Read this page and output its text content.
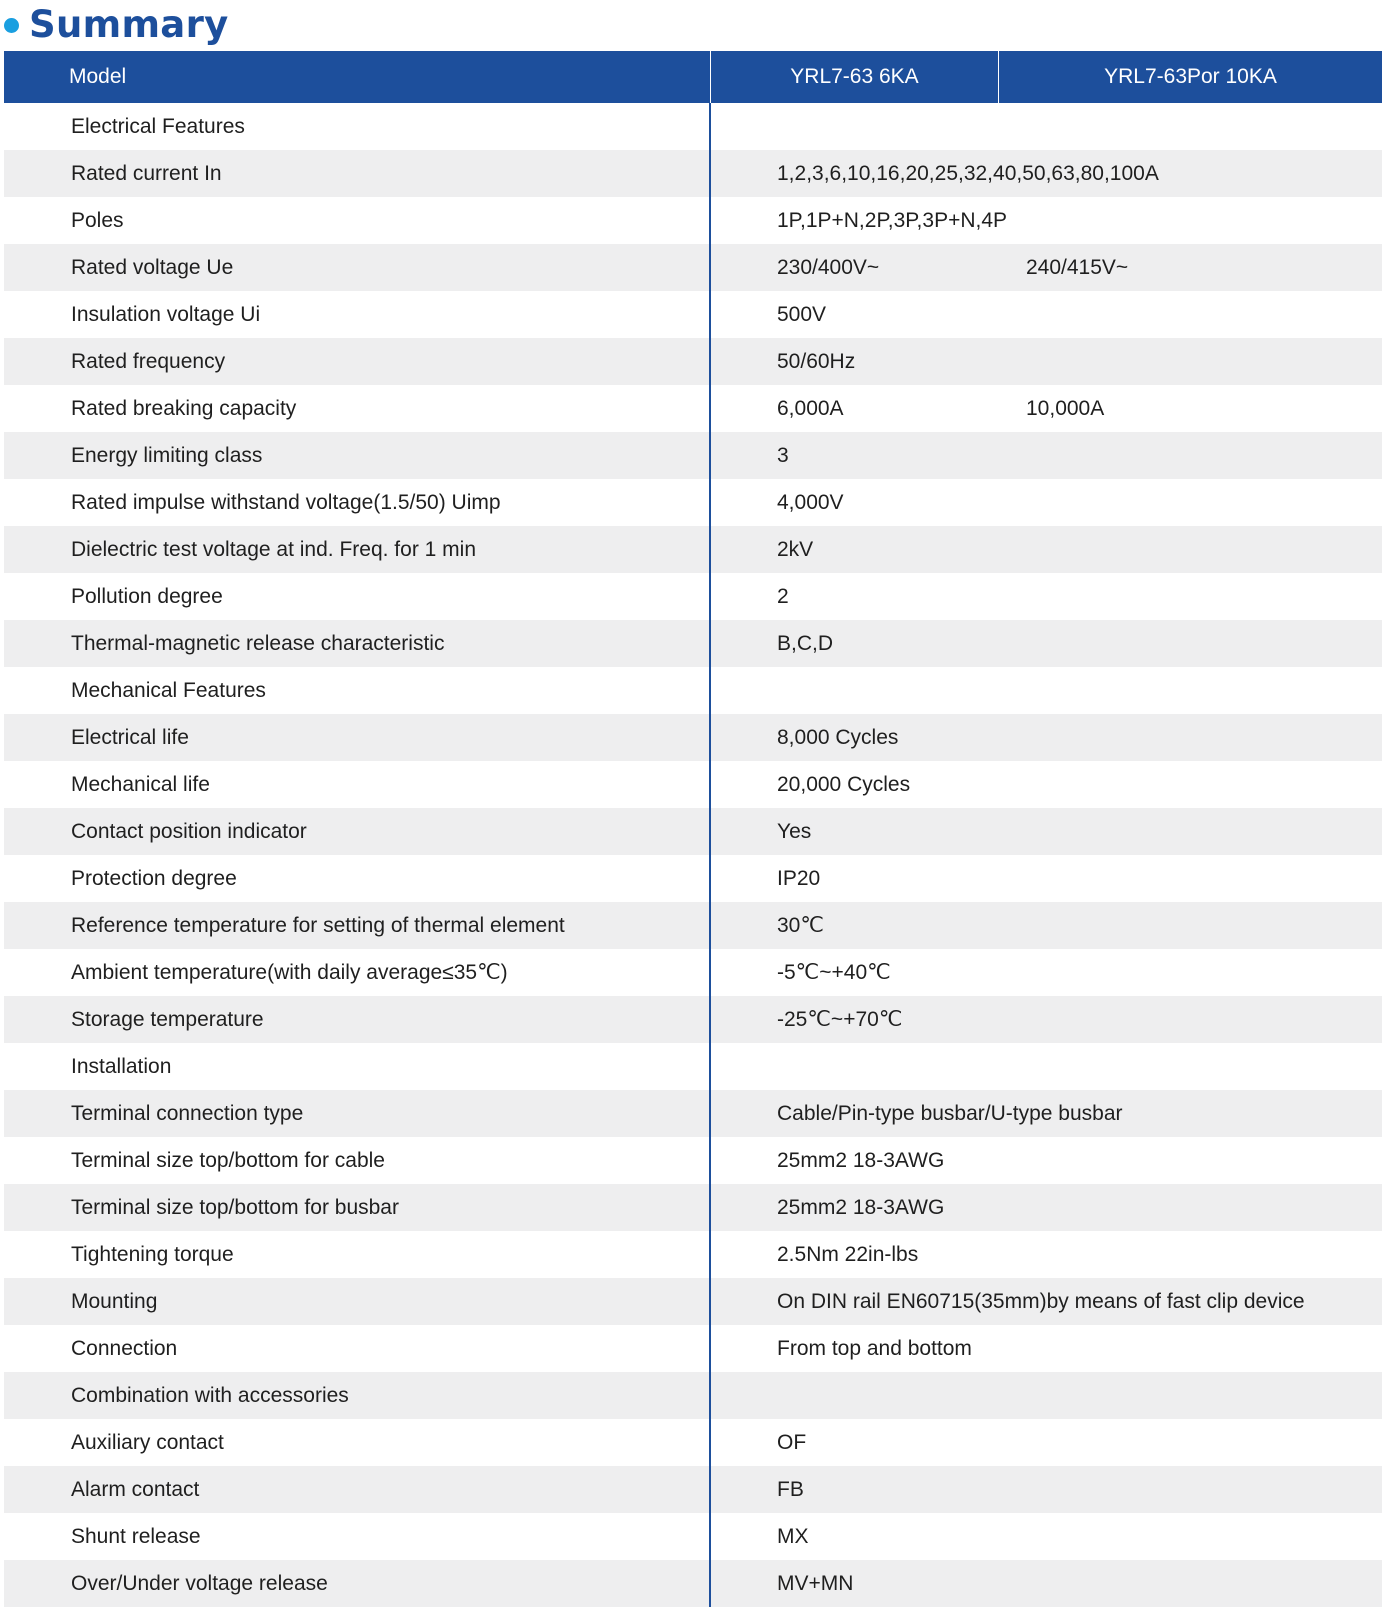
Summary
Model	YRL7-63 6KA	YRL7-63Por 10KA
Electrical Features
Rated current In	1,2,3,6,10,16,20,25,32,40,50,63,80,100A
Poles	1P,1P+N,2P,3P,3P+N,4P
Rated voltage Ue	230/400V~	240/415V~
Insulation voltage Ui	500V
Rated frequency	50/60Hz
Rated breaking capacity	6,000A	10,000A
Energy limiting class	3
Rated impulse withstand voltage(1.5/50) Uimp	4,000V
Dielectric test voltage at ind. Freq. for 1 min	2kV
Pollution degree	2
Thermal-magnetic release characteristic	B,C,D
Mechanical Features
Electrical life	8,000 Cycles
Mechanical life	20,000 Cycles
Contact position indicator	Yes
Protection degree	IP20
Reference temperature for setting of thermal element	30℃
Ambient temperature(with daily average≤35℃)	-5℃~+40℃
Storage temperature	-25℃~+70℃
Installation
Terminal connection type	Cable/Pin-type busbar/U-type busbar
Terminal size top/bottom for cable	25mm2 18-3AWG
Terminal size top/bottom for busbar	25mm2 18-3AWG
Tightening torque	2.5Nm 22in-lbs
Mounting	On DIN rail EN60715(35mm)by means of fast clip device
Connection	From top and bottom
Combination with accessories
Auxiliary contact	OF
Alarm contact	FB
Shunt release	MX
Over/Under voltage release	MV+MN
